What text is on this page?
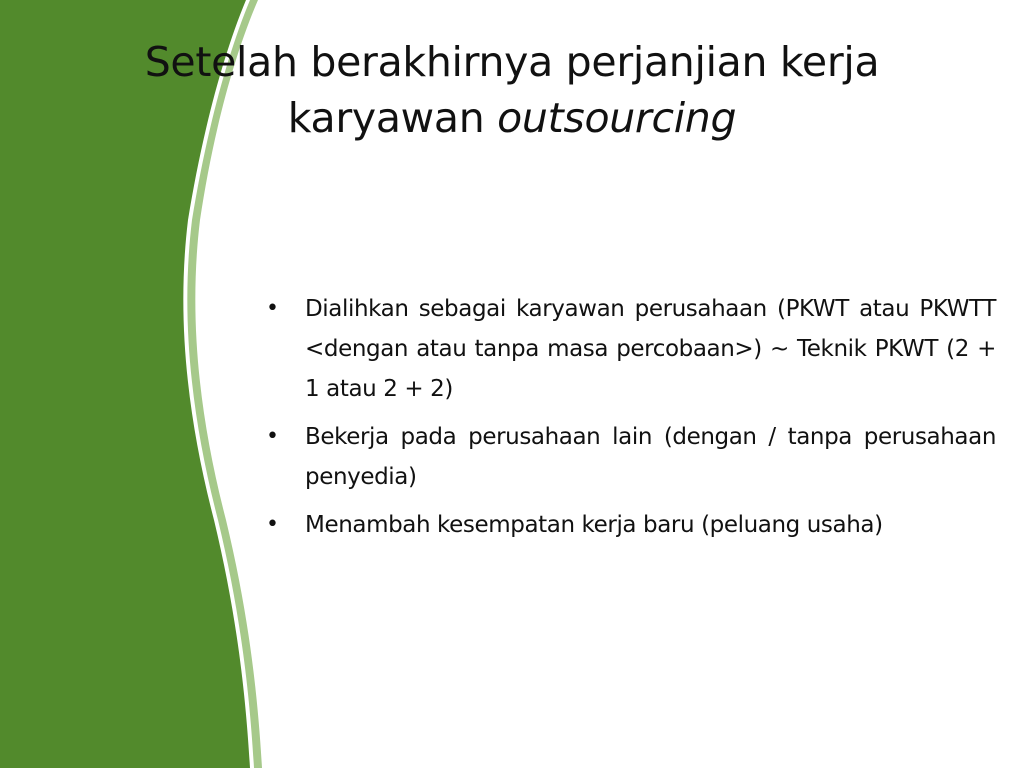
Setelah berakhirnya perjanjian kerja
karyawan outsourcing
• Dialihkan sebagai karyawan perusahaan (PKWT atau PKWTT <dengan atau tanpa masa percobaan>) ~ Teknik PKWT (2 + 1 atau 2 + 2)
• Bekerja pada perusahaan lain (dengan / tanpa perusahaan penyedia)
• Menambah kesempatan kerja baru (peluang usaha)
